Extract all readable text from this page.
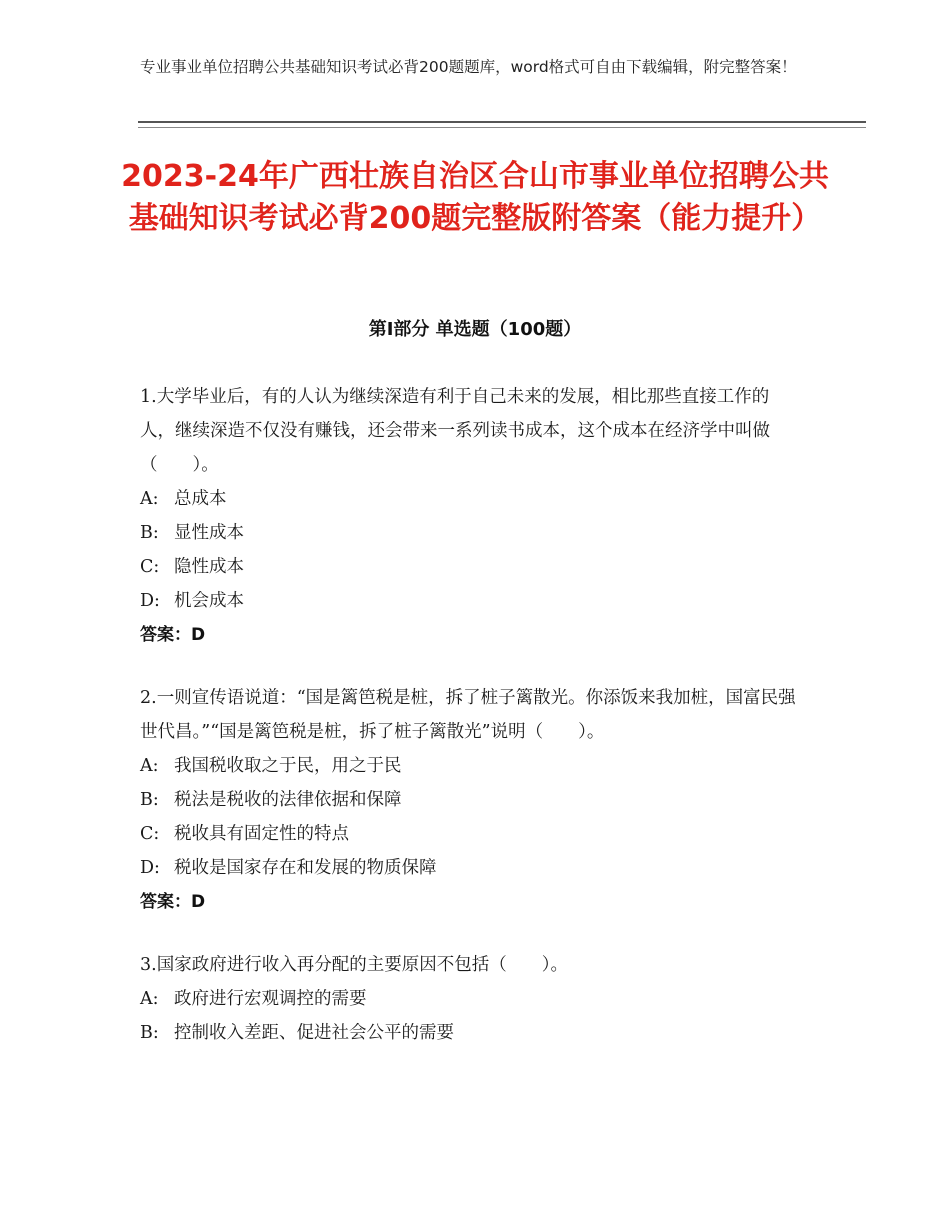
专业事业单位招聘公共基础知识考试必背200题题库，word格式可自由下载编辑，附完整答案！
2023-24年广西壮族自治区合山市事业单位招聘公共基础知识考试必背200题完整版附答案（能力提升）
第Ⅰ部分 单选题（100题）

1.大学毕业后，有的人认为继续深造有利于自己未来的发展，相比那些直接工作的人，继续深造不仅没有赚钱，还会带来一系列读书成本，这个成本在经济学中叫做（　　）。

A: 总成本
B: 显性成本
C: 隐性成本
D: 机会成本
答案：D

2.一则宣传语说道：“国是篱笆税是桩，拆了桩子篱散光。你添饭来我加桩，国富民强世代昌。”“国是篱笆税是桩，拆了桩子篱散光”说明（　　）。

A: 我国税收取之于民，用之于民
B: 税法是税收的法律依据和保障
C: 税收具有固定性的特点
D: 税收是国家存在和发展的物质保障
答案：D

3.国家政府进行收入再分配的主要原因不包括（　　）。

A: 政府进行宏观调控的需要
B: 控制收入差距、促进社会公平的需要
